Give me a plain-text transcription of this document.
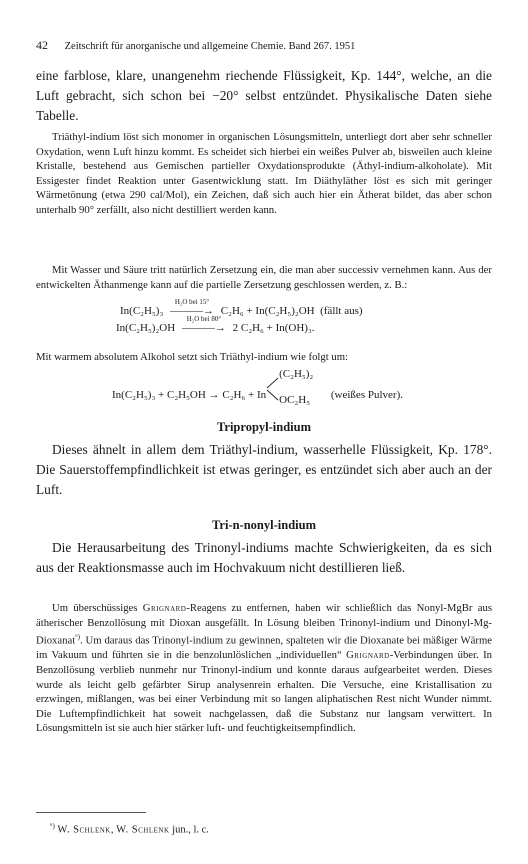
42 Zeitschrift für anorganische und allgemeine Chemie. Band 267. 1951
eine farblose, klare, unangenehm riechende Flüssigkeit, Kp. 144°, welche, an die Luft gebracht, sich schon bei −20° selbst entzündet. Physikalische Daten siehe Tabelle.
Triäthyl-indium löst sich monomer in organischen Lösungsmitteln, unterliegt dort aber sehr schneller Oxydation, wenn Luft hinzu kommt. Es scheidet sich hierbei ein weißes Pulver ab, bisweilen auch kleine Kristalle, bestehend aus Gemischen partieller Oxydationsprodukte (Äthyl-indium-alkoholate). Mit Essigester findet Reaktion unter Gasentwicklung statt. Im Diäthyläther löst es sich mit geringer Wärmetönung (etwa 290 cal/Mol), ein Zeichen, daß sich auch hier ein Ätherat bildet, das aber schon unterhalb 90° zerfällt, also nicht destilliert werden kann.
Mit Wasser und Säure tritt natürlich Zersetzung ein, die man aber successiv vernehmen kann. Aus der entwickelten Äthanmenge kann auf die partielle Zersetzung geschlossen werden, z. B.:
In(C₂H₅)₃
H₂O bei 15°
———→ C₂H₆ + In(C₂H₅)₂OH (fällt aus)
In(C₂H₅)₂OH
H₂O bei 80°
———→ 2 C₂H₆ + In(OH)₃.
Mit warmem absolutem Alkohol setzt sich Triäthyl-indium wie folgt um:
In(C₂H₅)₃ + C₂H₅OH → C₂H₆ + In
(C₂H₅)₂
OC₂H₅ (weißes Pulver).
Tripropyl-indium
Dieses ähnelt in allem dem Triäthyl-indium, wasserhelle Flüssigkeit, Kp. 178°. Die Sauerstoffempfindlichkeit ist etwas geringer, es entzündet sich aber auch an der Luft.
Tri-n-nonyl-indium
Die Herausarbeitung des Trinonyl-indiums machte Schwierigkeiten, da es sich aus der Reaktionsmasse auch im Hochvakuum nicht destillieren ließ.
Um überschüssiges Grignard-Reagens zu entfernen, haben wir schließlich das Nonyl-MgBr aus ätherischer Benzollösung mit Dioxan ausgefällt. In Lösung bleiben Trinonyl-indium und Dinonyl-Mg-Dioxanat$^{^6)}$. Um daraus das Trinonyl-indium zu gewinnen, spalteten wir die Dioxanate bei mäßiger Wärme im Vakuum und führten sie in die benzolunlöslichen „individuellen“ Grignard-Verbindungen über. In Benzollösung verblieb nunmehr nur Trinonyl-indium und konnte daraus aufgearbeitet werden. Dieses wurde als leicht gelb gefärbter Sirup analysenrein erhalten. Die Versuche, eine Kristallisation zu erzwingen, mißlangen, was bei einer Verbindung mit so langen aliphatischen Rest nicht Wunder nimmt. Die Luftempfindlichkeit hat soweit nachgelassen, daß die Substanz nur langsam verwittert. In Lösungsmitteln ist sie auch hier stärker luft- und feuchtigkeitsempfindlich.
$^{^6)}$ W. Schlenk, W. Schlenk jun., l. c.
